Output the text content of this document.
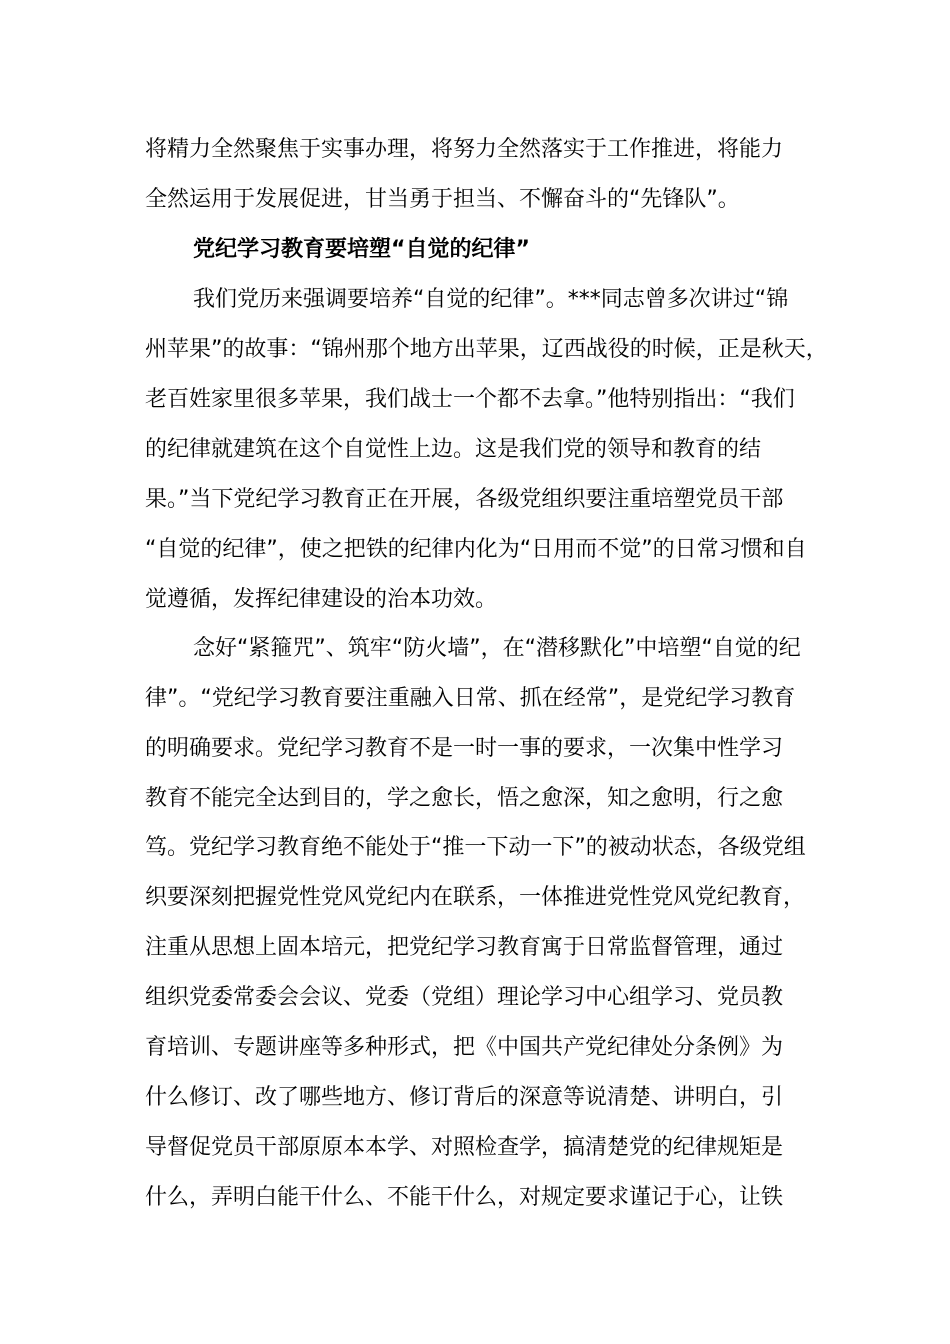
将精力全然聚焦于实事办理，将努力全然落实于工作推进，将能力
全然运用于发展促进，甘当勇于担当、不懈奋斗的“先锋队”。
党纪学习教育要培塑“自觉的纪律”
我们党历来强调要培养“自觉的纪律”。***同志曾多次讲过“锦
州苹果”的故事：“锦州那个地方出苹果，辽西战役的时候，正是秋天，
老百姓家里很多苹果，我们战士一个都不去拿。”他特别指出：“我们
的纪律就建筑在这个自觉性上边。这是我们党的领导和教育的结
果。”当下党纪学习教育正在开展，各级党组织要注重培塑党员干部
“自觉的纪律”，使之把铁的纪律内化为“日用而不觉”的日常习惯和自
觉遵循，发挥纪律建设的治本功效。
念好“紧箍咒”、筑牢“防火墙”，在“潜移默化”中培塑“自觉的纪
律”。“党纪学习教育要注重融入日常、抓在经常”，是党纪学习教育
的明确要求。党纪学习教育不是一时一事的要求，一次集中性学习
教育不能完全达到目的，学之愈长，悟之愈深，知之愈明，行之愈
笃。党纪学习教育绝不能处于“推一下动一下”的被动状态，各级党组
织要深刻把握党性党风党纪内在联系，一体推进党性党风党纪教育，
注重从思想上固本培元，把党纪学习教育寓于日常监督管理，通过
组织党委常委会会议、党委（党组）理论学习中心组学习、党员教
育培训、专题讲座等多种形式，把《中国共产党纪律处分条例》为
什么修订、改了哪些地方、修订背后的深意等说清楚、讲明白，引
导督促党员干部原原本本学、对照检查学，搞清楚党的纪律规矩是
什么，弄明白能干什么、不能干什么，对规定要求谨记于心，让铁
